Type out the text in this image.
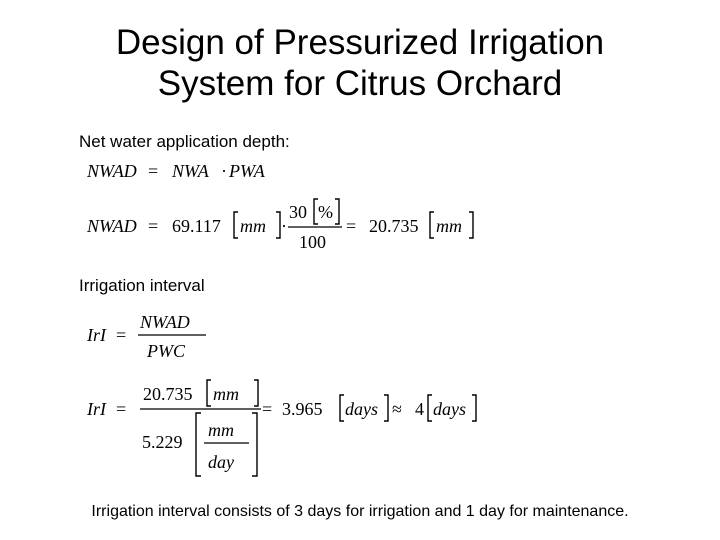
Design of Pressurized Irrigation
System for Citrus Orchard
Net water application depth:
Irrigation interval
NWAD = NWA · PWA
NWAD = 69.117 mm ·
30 %
100
= 20.735 mm
IrI =
NWAD
PWC
IrI =
20.735 mm
5.229
mm
day
= 3.965 days ≈ 4 days
Irrigation interval consists of 3 days for irrigation and 1 day for maintenance.
